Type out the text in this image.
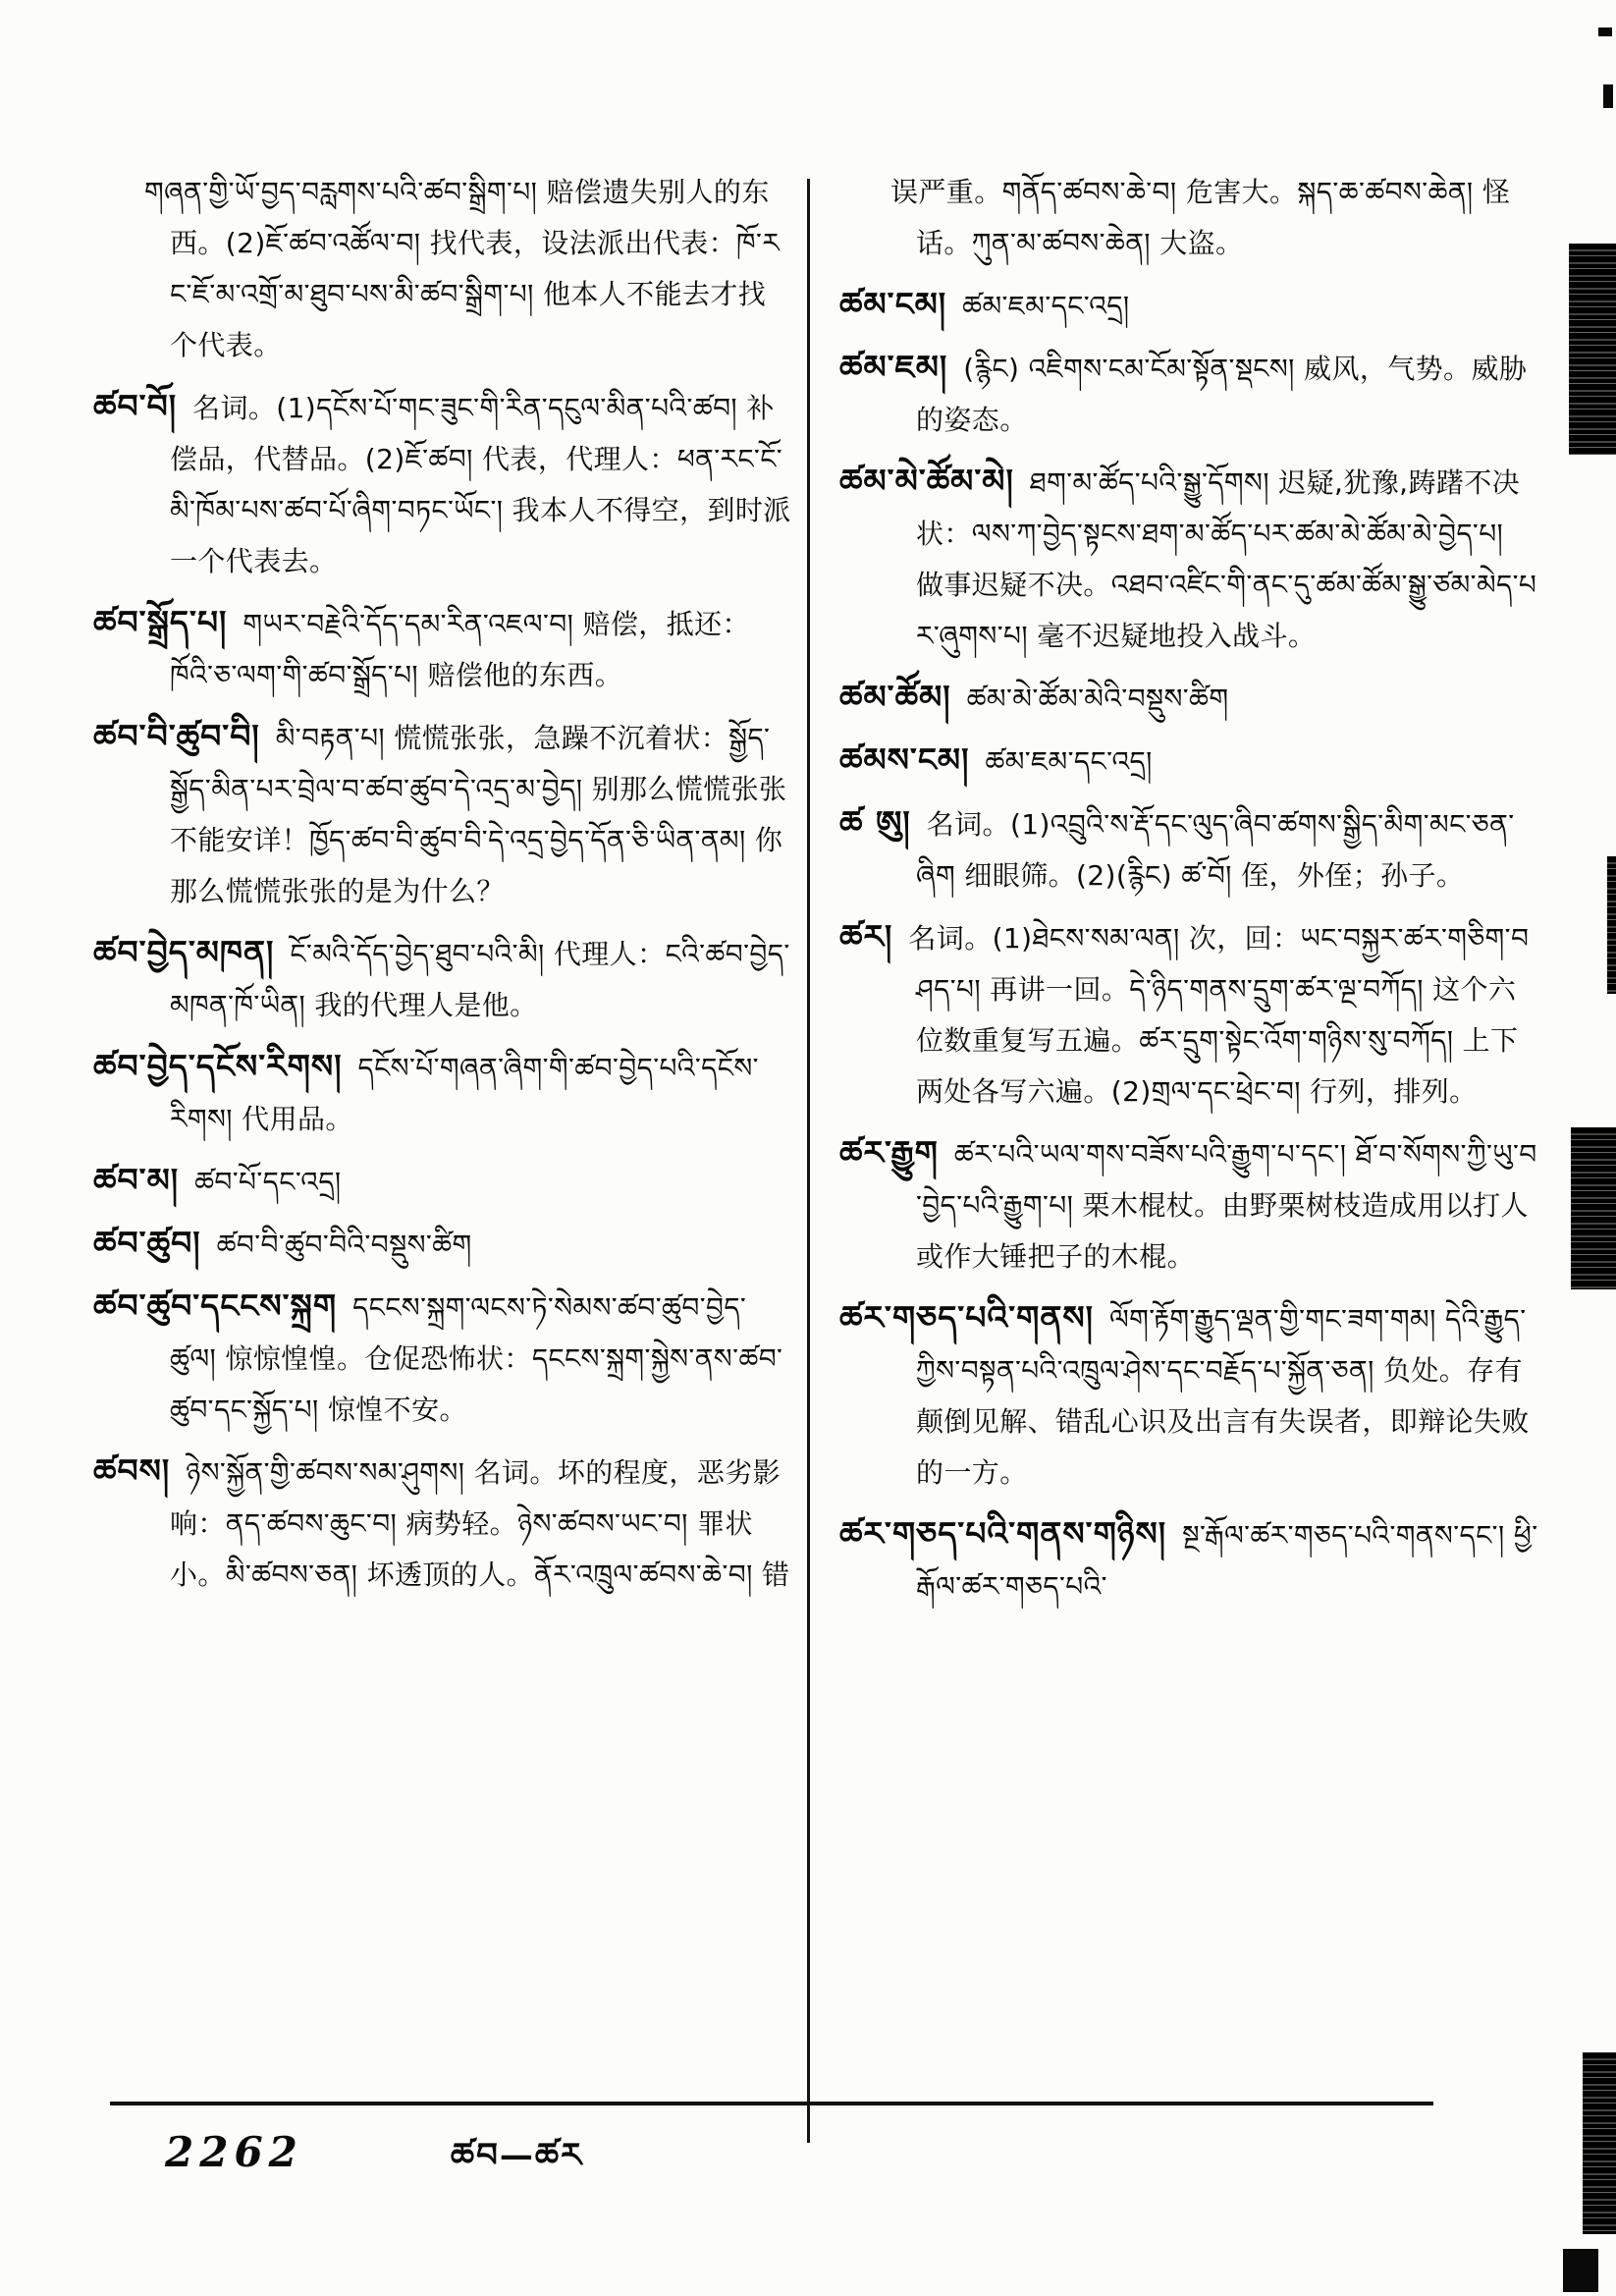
གཞན་གྱི་ཡོ་བྱད་བརླགས་པའི་ཚབ་སྒྲིག་པ། 赔偿遗失别人的东西。(2)ཇོ་ཚབ་འཚོལ་བ། 找代表，设法派出代表：ཁོ་རང་ཇོ་མ་འགྲོ་མ་ཐུབ་པས་མི་ཚབ་སྒྲིག་པ། 他本人不能去才找个代表。
ཚབ་བོ། 名词。(1)དངོས་པོ་གང་ཟུང་གི་རིན་དངུལ་མིན་པའི་ཚབ། 补偿品，代替品。(2)ཇོ་ཚབ། 代表，代理人：ཕན་རང་ངོ་མི་ཁོམ་པས་ཚབ་པོ་ཞིག་བཏང་ཡོང་། 我本人不得空，到时派一个代表去。
ཚབ་སྒྲོད་པ། གཡར་བརྗེའི་དོད་དམ་རིན་འཇལ་བ། 赔偿，抵还：ཁོའི་ཅ་ལག་གི་ཚབ་སྒྲོད་པ། 赔偿他的东西。
ཚབ་བི་ཚུབ་བི། མི་བརྟན་པ། 慌慌张张，急躁不沉着状：སྒྱོད་སྒྱོད་མིན་པར་བྲེལ་བ་ཚབ་ཚུབ་དེ་འདྲ་མ་བྱེད། 别那么慌慌张张不能安详！ཁྱོད་ཚབ་བི་ཚུབ་བི་དེ་འདྲ་བྱེད་དོན་ཅི་ཡིན་ནམ། 你那么慌慌张张的是为什么？
ཚབ་བྱེད་མཁན། ངོ་མའི་དོད་བྱེད་ཐུབ་པའི་མི། 代理人：ངའི་ཚབ་བྱེད་མཁན་ཁོ་ཡིན། 我的代理人是他。
ཚབ་བྱེད་དངོས་རིགས། དངོས་པོ་གཞན་ཞིག་གི་ཚབ་བྱེད་པའི་དངོས་རིགས། 代用品。
ཚབ་མ། ཚབ་པོ་དང་འདྲ།
ཚབ་ཚུབ། ཚབ་བི་ཚུབ་བིའི་བསྡུས་ཚིག
ཚབ་ཚུབ་དངངས་སྐྲག དངངས་སྐྲག་ལངས་ཏེ་སེམས་ཚབ་ཚུབ་བྱེད་ཚུལ། 惊惊惶惶。仓促恐怖状：དངངས་སྐྲག་སྐྱེས་ནས་ཚབ་ཚུབ་དང་སྐྱོད་པ། 惊惶不安。
ཚབས། ཉེས་སྐྱོན་གྱི་ཚབས་སམ་ཤུགས། 名词。坏的程度，恶劣影响：ནད་ཚབས་ཆུང་བ། 病势轻。ཉེས་ཚབས་ཡང་བ། 罪状小。མི་ཚབས་ཅན། 坏透顶的人。ནོར་འཁྲུལ་ཚབས་ཆེ་བ། 错
误严重。གནོད་ཚབས་ཆེ་བ། 危害大。སྐད་ཆ་ཚབས་ཆེན། 怪话。ཀུན་མ་ཚབས་ཆེན། 大盗。
ཚམ་ངམ། ཚམ་ཇམ་དང་འདྲ།
ཚམ་ཇམ། (རྙིང) འཇིགས་ངམ་ངོམ་སྟོན་སྡངས། 威风，气势。威胁的姿态。
ཚམ་མེ་ཚོམ་མེ། ཐག་མ་ཚོད་པའི་སྒྱུ་དོགས། 迟疑,犹豫,踌躇不决状：ལས་ཀ་བྱེད་སྟངས་ཐག་མ་ཚོད་པར་ཚམ་མེ་ཚོམ་མེ་བྱེད་པ། 做事迟疑不决。འཐབ་འཛིང་གི་ནང་དུ་ཚམ་ཚོམ་སྒྱུ་ཙམ་མེད་པར་ཞུགས་པ། 毫不迟疑地投入战斗。
ཚམ་ཚོམ། ཚམ་མེ་ཚོམ་མེའི་བསྡུས་ཚིག
ཚམས་ངམ། ཚམ་ཇམ་དང་འདྲ།
ཚ ཨུ། 名词。(1)འབྲུའི་ས་རྡོ་དང་ལུད་ཞིབ་ཚགས་སྒྱིད་མིག་མང་ཅན་ཞིག 细眼筛。(2)(རྙིང) ཚ་བོ། 侄，外侄；孙子。
ཚར། 名词。(1)ཐེངས་སམ་ལན། 次，回：ཡང་བསྐྱར་ཚར་གཅིག་བཤད་པ། 再讲一回。དེ་ཉིད་གནས་དྲུག་ཚར་ལྔ་བཀོད། 这个六位数重复写五遍。ཚར་དྲུག་སྟེང་འོག་གཉིས་སུ་བཀོད། 上下两处各写六遍。(2)གྲལ་དང་ཕྲེང་བ། 行列，排列。
ཚར་རྒྱུག ཚར་པའི་ཡལ་གས་བཟོས་པའི་རྒྱུག་པ་དང་། ཐོ་བ་སོགས་ཀྱི་ཡུ་བ་བྱེད་པའི་རྒྱུག་པ། 栗木棍杖。由野栗树枝造成用以打人或作大锤把子的木棍。
ཚར་གཅད་པའི་གནས། ལོག་རྟོག་རྒྱུད་ལྡན་གྱི་གང་ཟག་གམ། དེའི་རྒྱུད་ཀྱིས་བསྟན་པའི་འཁྲུལ་ཤེས་དང་བརྗོད་པ་སྐྱོན་ཅན། 负处。存有颠倒见解、错乱心识及出言有失误者，即辩论失败的一方。
ཚར་གཅད་པའི་གནས་གཉིས། སྔ་རྒོལ་ཚར་གཅད་པའི་གནས་དང་། ཕྱི་རྒོལ་ཚར་གཅད་པའི་
2262	ཚབ—ཚར
